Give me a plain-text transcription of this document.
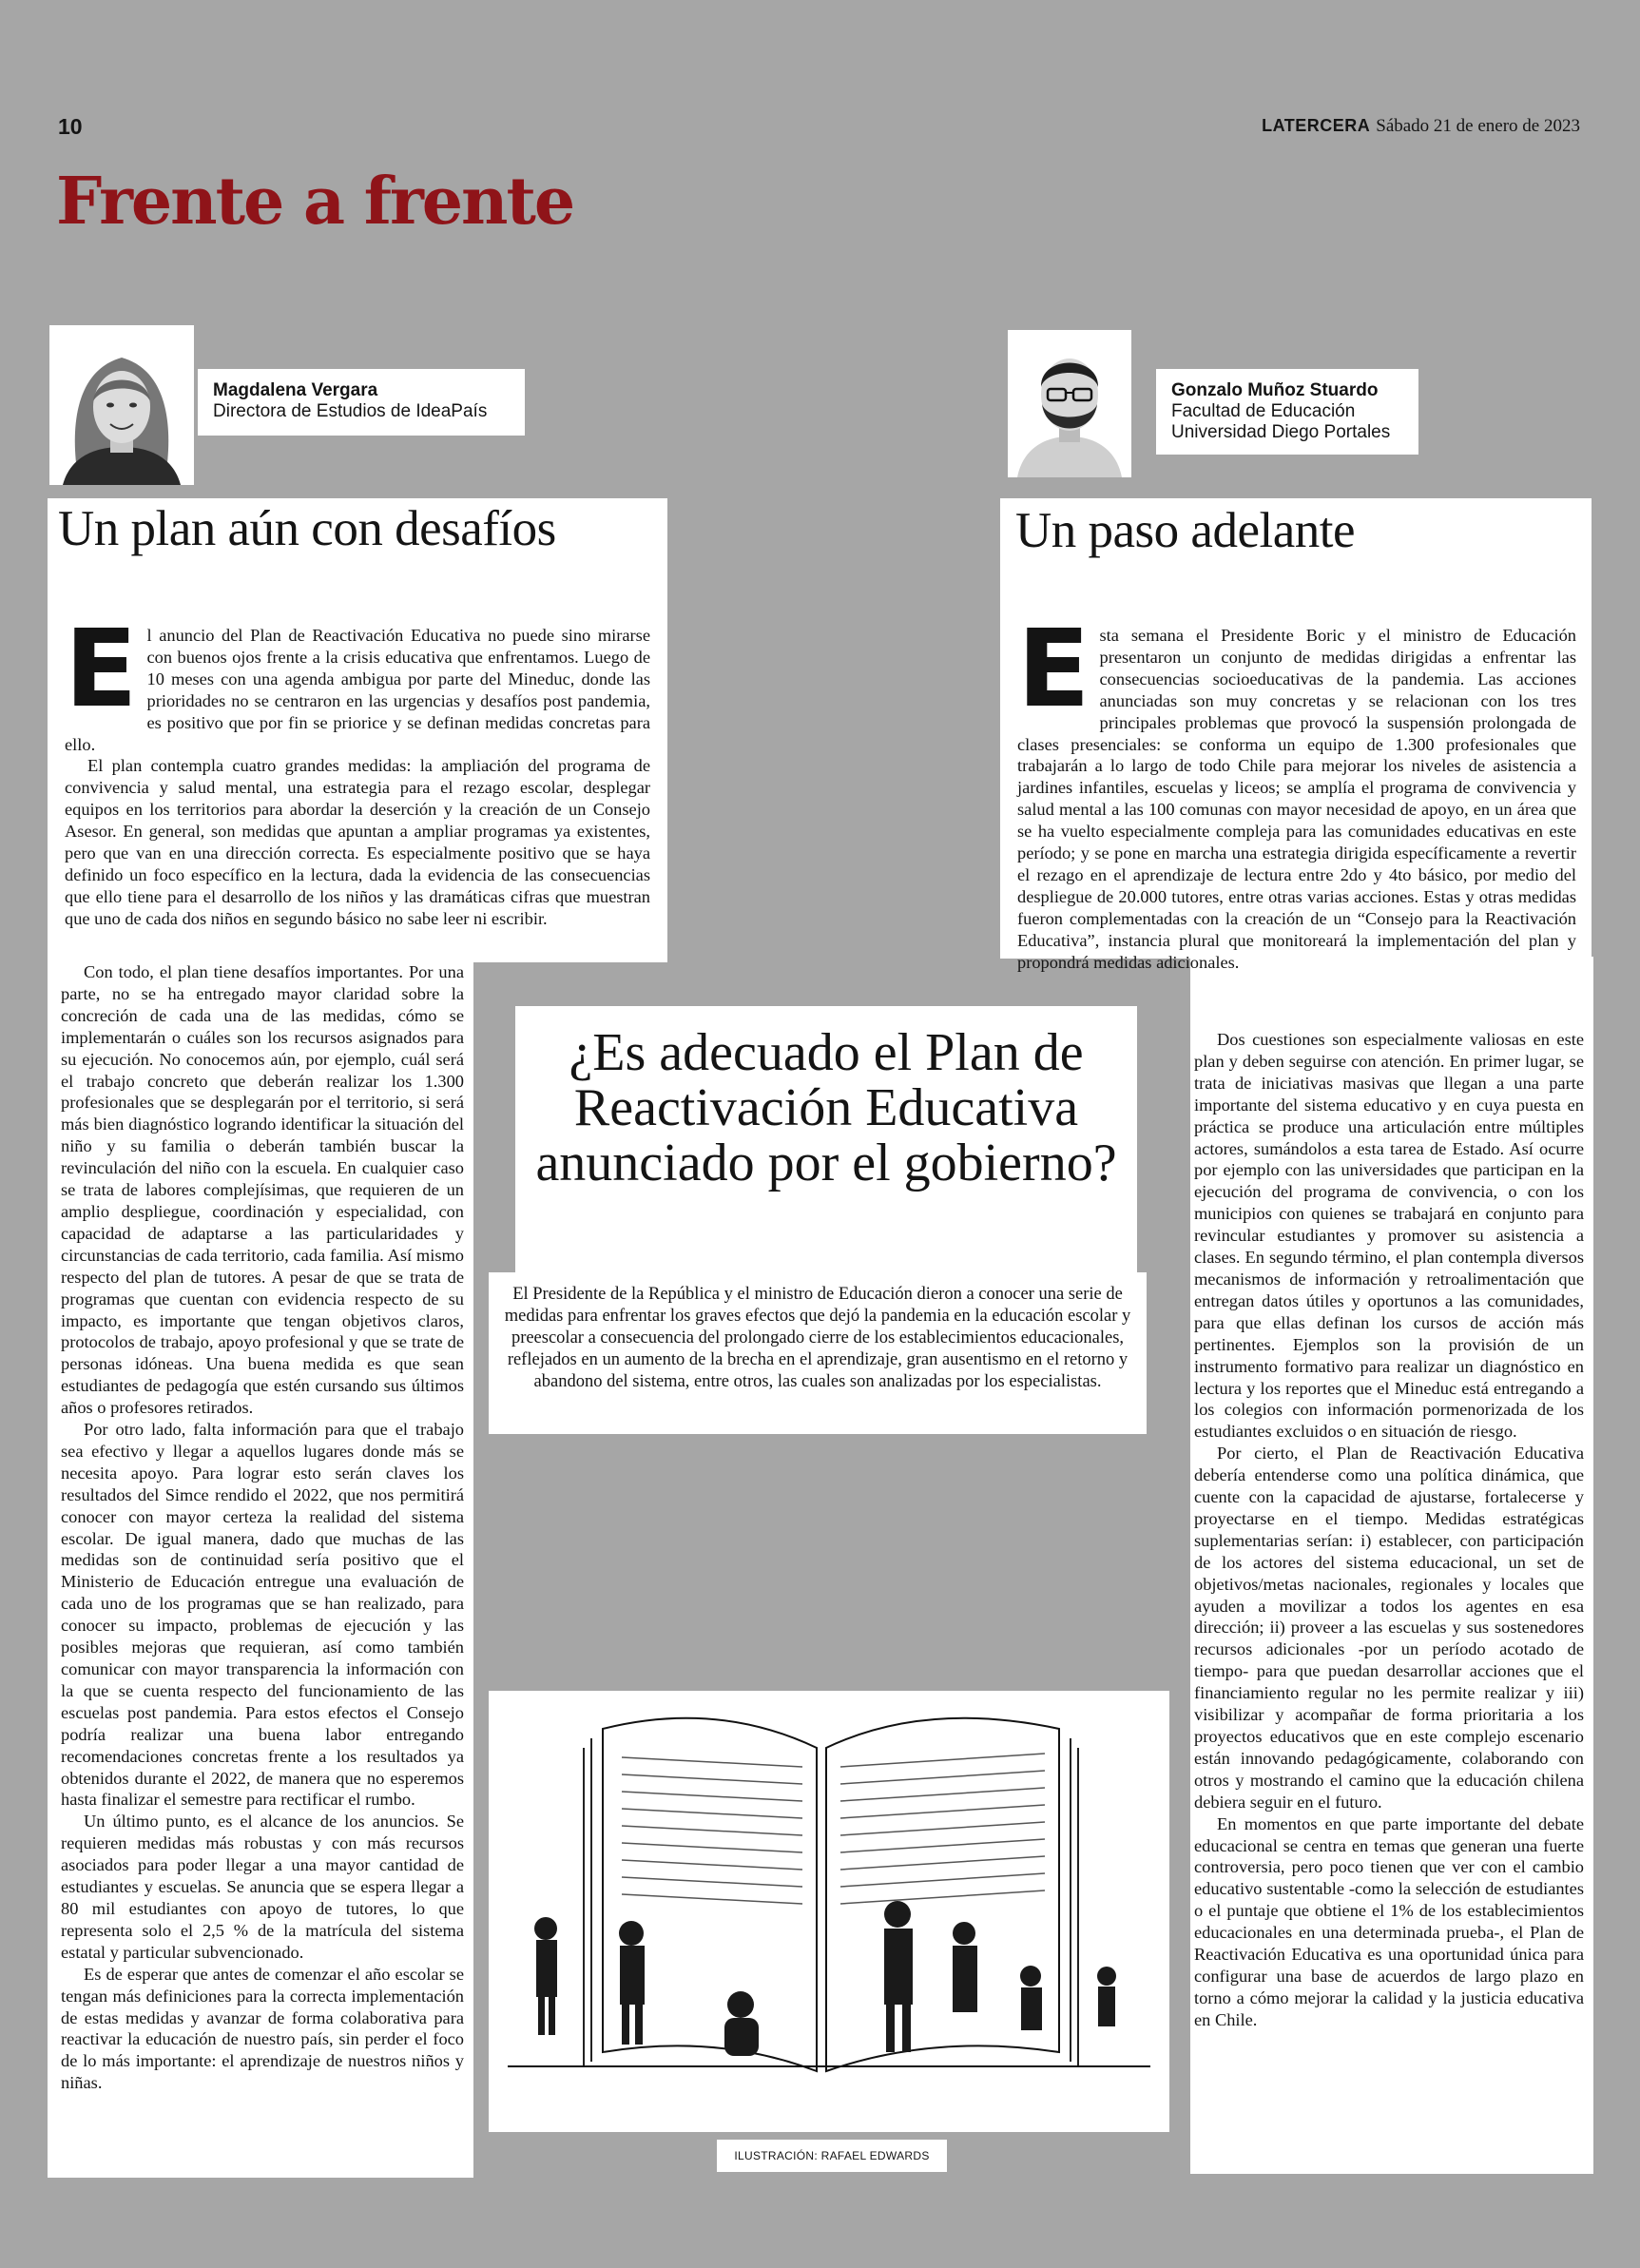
10	LATERCERA Sábado 21 de enero de 2023
Frente a frente
Magdalena Vergara
Directora de Estudios de IdeaPaís
Gonzalo Muñoz Stuardo
Facultad de Educación
Universidad Diego Portales
Un plan aún con desafíos

El anuncio del Plan de Reactivación Educativa no puede sino mirarse con buenos ojos frente a la crisis educativa que enfrentamos. Luego de 10 meses con una agenda ambigua por parte del Mineduc, donde las prioridades no se centraron en las urgencias y desafíos post pandemia, es positivo que por fin se priorice y se definan medidas concretas para ello.

El plan contempla cuatro grandes medidas: la ampliación del programa de convivencia y salud mental, una estrategia para el rezago escolar, desplegar equipos en los territorios para abordar la deserción y la creación de un Consejo Asesor. En general, son medidas que apuntan a ampliar programas ya existentes, pero que van en una dirección correcta. Es especialmente positivo que se haya definido un foco específico en la lectura, dada la evidencia de las consecuencias que ello tiene para el desarrollo de los niños y las dramáticas cifras que muestran que uno de cada dos niños en segundo básico no sabe leer ni escribir.

Con todo, el plan tiene desafíos importantes. Por una parte, no se ha entregado mayor claridad sobre la concreción de cada una de las medidas, cómo se implementarán o cuáles son los recursos asignados para su ejecución. No conocemos aún, por ejemplo, cuál será el trabajo concreto que deberán realizar los 1.300 profesionales que se desplegarán por el territorio, si será más bien diagnóstico logrando identificar la situación del niño y su familia o deberán también buscar la revinculación del niño con la escuela. En cualquier caso se trata de labores complejísimas, que requieren de un amplio despliegue, coordinación y especialidad, con capacidad de adaptarse a las particularidades y circunstancias de cada territorio, cada familia. Así mismo respecto del plan de tutores. A pesar de que se trata de programas que cuentan con evidencia respecto de su impacto, es importante que tengan objetivos claros, protocolos de trabajo, apoyo profesional y que se trate de personas idóneas. Una buena medida es que sean estudiantes de pedagogía que estén cursando sus últimos años o profesores retirados.

Por otro lado, falta información para que el trabajo sea efectivo y llegar a aquellos lugares donde más se necesita apoyo. Para lograr esto serán claves los resultados del Simce rendido el 2022, que nos permitirá conocer con mayor certeza la realidad del sistema escolar. De igual manera, dado que muchas de las medidas son de continuidad sería positivo que el Ministerio de Educación entregue una evaluación de cada uno de los programas que se han realizado, para conocer su impacto, problemas de ejecución y las posibles mejoras que requieran, así como también comunicar con mayor transparencia la información con la que se cuenta respecto del funcionamiento de las escuelas post pandemia. Para estos efectos el Consejo podría realizar una buena labor entregando recomendaciones concretas frente a los resultados ya obtenidos durante el 2022, de manera que no esperemos hasta finalizar el semestre para rectificar el rumbo.

Un último punto, es el alcance de los anuncios. Se requieren medidas más robustas y con más recursos asociados para poder llegar a una mayor cantidad de estudiantes y escuelas. Se anuncia que se espera llegar a 80 mil estudiantes con apoyo de tutores, lo que representa solo el 2,5 % de la matrícula del sistema estatal y particular subvencionado.

Es de esperar que antes de comenzar el año escolar se tengan más definiciones para la correcta implementación de estas medidas y avanzar de forma colaborativa para reactivar la educación de nuestro país, sin perder el foco de lo más importante: el aprendizaje de nuestros niños y niñas.

Un paso adelante

Esta semana el Presidente Boric y el ministro de Educación presentaron un conjunto de medidas dirigidas a enfrentar las consecuencias socioeducativas de la pandemia. Las acciones anunciadas son muy concretas y se relacionan con los tres principales problemas que provocó la suspensión prolongada de clases presenciales: se conforma un equipo de 1.300 profesionales que trabajarán a lo largo de todo Chile para mejorar los niveles de asistencia a jardines infantiles, escuelas y liceos; se amplía el programa de convivencia y salud mental a las 100 comunas con mayor necesidad de apoyo, en un área que se ha vuelto especialmente compleja para las comunidades educativas en este período; y se pone en marcha una estrategia dirigida específicamente a revertir el rezago en el aprendizaje de lectura entre 2do y 4to básico, por medio del despliegue de 20.000 tutores, entre otras varias acciones. Estas y otras medidas fueron complementadas con la creación de un “Consejo para la Reactivación Educativa”, instancia plural que monitoreará la implementación del plan y propondrá medidas adicionales.

Dos cuestiones son especialmente valiosas en este plan y deben seguirse con atención. En primer lugar, se trata de iniciativas masivas que llegan a una parte importante del sistema educativo y en cuya puesta en práctica se produce una articulación entre múltiples actores, sumándolos a esta tarea de Estado. Así ocurre por ejemplo con las universidades que participan en la ejecución del programa de convivencia, o con los municipios con quienes se trabajará en conjunto para revincular estudiantes y promover su asistencia a clases. En segundo término, el plan contempla diversos mecanismos de información y retroalimentación que entregan datos útiles y oportunos a las comunidades, para que ellas definan los cursos de acción más pertinentes. Ejemplos son la provisión de un instrumento formativo para realizar un diagnóstico en lectura y los reportes que el Mineduc está entregando a los colegios con información pormenorizada de los estudiantes excluidos o en situación de riesgo.

Por cierto, el Plan de Reactivación Educativa debería entenderse como una política dinámica, que cuente con la capacidad de ajustarse, fortalecerse y proyectarse en el tiempo. Medidas estratégicas suplementarias serían: i) establecer, con participación de los actores del sistema educacional, un set de objetivos/metas nacionales, regionales y locales que ayuden a movilizar a todos los agentes en esa dirección; ii) proveer a las escuelas y sus sostenedores recursos adicionales -por un período acotado de tiempo- para que puedan desarrollar acciones que el financiamiento regular no les permite realizar y iii) visibilizar y acompañar de forma prioritaria a los proyectos educativos que en este complejo escenario están innovando pedagógicamente, colaborando con otros y mostrando el camino que la educación chilena debiera seguir en el futuro.

En momentos en que parte importante del debate educacional se centra en temas que generan una fuerte controversia, pero poco tienen que ver con el cambio educativo sustentable -como la selección de estudiantes o el puntaje que obtiene el 1% de los establecimientos educacionales en una determinada prueba-, el Plan de Reactivación Educativa es una oportunidad única para configurar una base de acuerdos de largo plazo en torno a cómo mejorar la calidad y la justicia educativa en Chile.

¿Es adecuado el Plan de Reactivación Educativa anunciado por el gobierno?
El Presidente de la República y el ministro de Educación dieron a conocer una serie de medidas para enfrentar los graves efectos que dejó la pandemia en la educación escolar y preescolar a consecuencia del prolongado cierre de los establecimientos educacionales, reflejados en un aumento de la brecha en el aprendizaje, gran ausentismo en el retorno y abandono del sistema, entre otros, las cuales son analizadas por los especialistas.
ILUSTRACIÓN: RAFAEL EDWARDS
